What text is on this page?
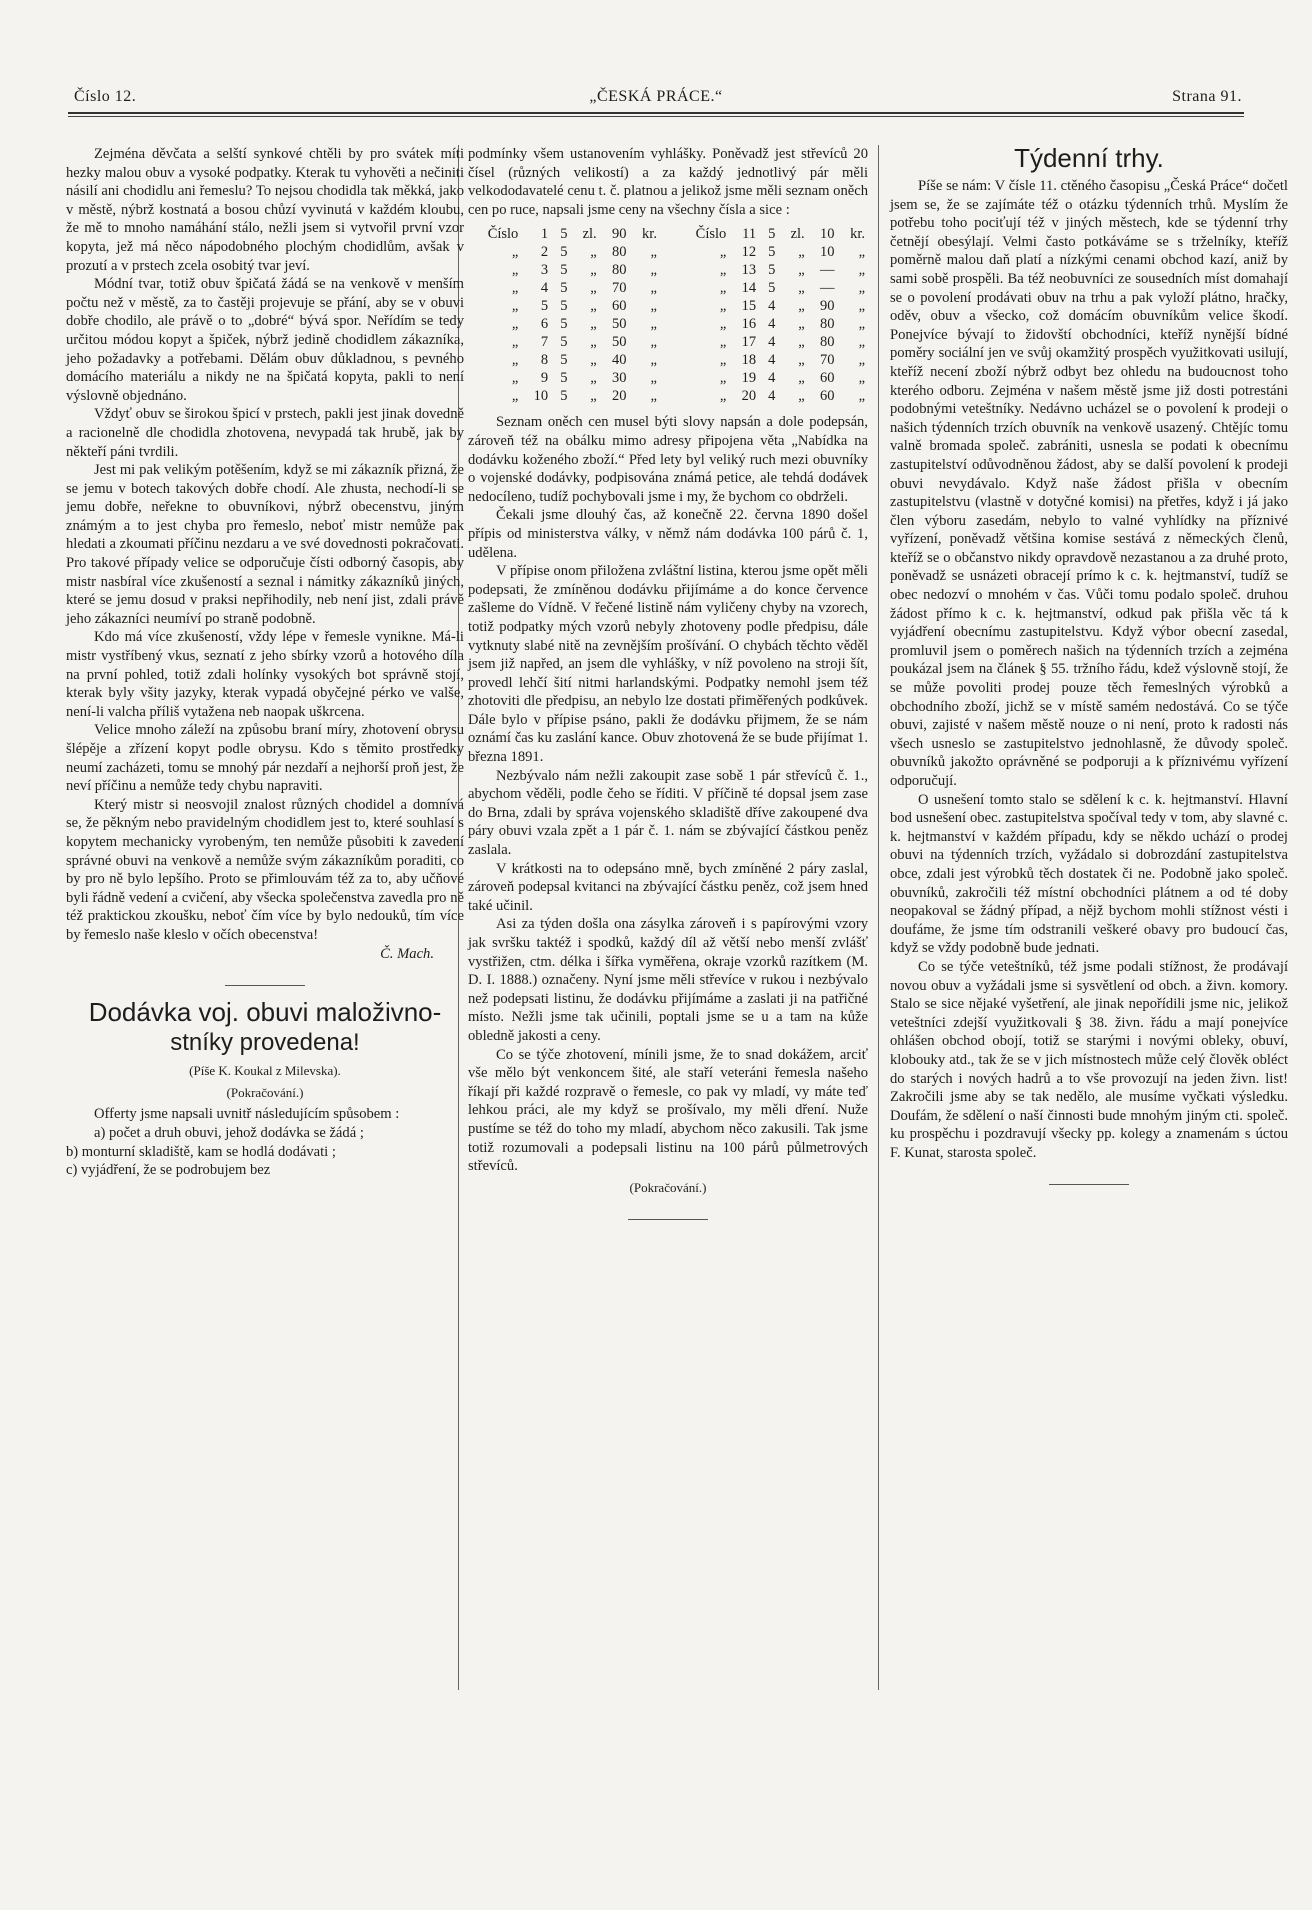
Číslo 12.	„ČESKÁ PRÁCE.“	Strana 91.

Zejména děvčata a selští synkové chtěli by pro svátek míti hezky malou obuv a vysoké podpatky. Kterak tu vyhověti a nečiniti násilí ani chodidlu ani řemeslu? To nejsou chodidla tak měkká, jako v městě, nýbrž kostnatá a bosou chůzí vyvinutá v každém kloubu, že mě to mnoho namáhání stálo, nežli jsem si vytvořil první vzor kopyta, jež má něco nápodobného plochým chodidlům, avšak v prozutí a v prstech zcela osobitý tvar jeví.

Módní tvar, totiž obuv špičatá žádá se na venkově v menším počtu než v městě, za to častěji projevuje se přání, aby se v obuvi dobře chodilo, ale právě o to „dobré“ bývá spor. Neřídím se tedy určitou módou kopyt a špiček, nýbrž jedině chodidlem zákazníka, jeho požadavky a potřebami. Dělám obuv důkladnou, s pevného domácího materiálu a nikdy ne na špičatá kopyta, pakli to není výslovně objednáno.

Vždyť obuv se širokou špicí v prstech, pakli jest jinak dovedně a racionelně dle chodidla zhotovena, nevypadá tak hrubě, jak by někteří páni tvrdili.

Jest mi pak velikým potěšením, když se mi zákazník přizná, že se jemu v botech takových dobře chodí. Ale zhusta, nechodí-li se jemu dobře, neřekne to obuvníkovi, nýbrž obecenstvu, jiným známým a to jest chyba pro řemeslo, neboť mistr nemůže pak hledati a zkoumati příčinu nezdaru a ve své dovednosti pokračovati. Pro takové případy velice se odporučuje čísti odborný časopis, aby mistr nasbíral více zkušeností a seznal i námitky zákazníků jiných, které se jemu dosud v praksi nepřihodily, neb není jist, zdali právě jeho zákazníci neumíví po straně podobně.

Kdo má více zkušeností, vždy lépe v řemesle vynikne. Má-li mistr vystříbený vkus, seznatí z jeho sbírky vzorů a hotového díla na první pohled, totiž zdali holínky vysokých bot správně stojí, kterak byly všity jazyky, kterak vypadá obyčejné pérko ve valše, není-li valcha příliš vytažena neb naopak uškrcena.

Velice mnoho záleží na způsobu braní míry, zhotovení obrysu šlépěje a zřízení kopyt podle obrysu. Kdo s těmito prostředky neumí zacházeti, tomu se mnohý pár nezdaří a nejhorší proň jest, že neví příčinu a nemůže tedy chybu napraviti.

Který mistr si neosvojil znalost různých chodidel a domnívá se, že pěkným nebo pravidelným chodidlem jest to, které souhlasí s kopytem mechanicky vyrobeným, ten nemůže působiti k zavedení správné obuvi na venkově a nemůže svým zákazníkům poraditi, co by pro ně bylo lepšího. Proto se přimlouvám též za to, aby učňové byli řádně vedení a cvičení, aby všecka společenstva zavedla pro ně též praktickou zkoušku, neboť čím více by bylo nedouků, tím více by řemeslo naše kleslo v očích obecenstva!

Č. Mach.

Dodávka voj. obuvi maloživno-

stníky provedena!

(Píše K. Koukal z Milevska).

(Pokračování.)

Offerty jsme napsali uvnitř následujícím spůsobem :

a) počet a druh obuvi, jehož dodávka se žádá ;

b) monturní skladiště, kam se hodlá dodávati ;

c) vyjádření, že se podrobujem bez

podmínky všem ustanovením vyhlášky. Poněvadž jest střevíců 20 čísel (různých velikostí) a za každý jednotlivý pár měli velkododavatelé cenu t. č. platnou a jelikož jsme měli seznam oněch cen po ruce, napsali jsme ceny na všechny čísla a sice :

Číslo	1	5	zl.	90	kr.	Číslo	11	5	zl.	10	kr.
„	2	5	„	80	„	„	12	5	„	10	„
„	3	5	„	80	„	„	13	5	„	—	„
„	4	5	„	70	„	„	14	5	„	—	„
„	5	5	„	60	„	„	15	4	„	90	„
„	6	5	„	50	„	„	16	4	„	80	„
„	7	5	„	50	„	„	17	4	„	80	„
„	8	5	„	40	„	„	18	4	„	70	„
„	9	5	„	30	„	„	19	4	„	60	„
„	10	5	„	20	„	„	20	4	„	60	„

Seznam oněch cen musel býti slovy napsán a dole podepsán, zároveň též na obálku mimo adresy připojena věta „Nabídka na dodávku koženého zboží.“ Před lety byl veliký ruch mezi obuvníky o vojenské dodávky, podpisována známá petice, ale tehdá dodávek nedocíleno, tudíž pochybovali jsme i my, že bychom co obdrželi.

Čekali jsme dlouhý čas, až konečně 22. června 1890 došel přípis od ministerstva války, v němž nám dodávka 100 párů č. 1, udělena.

V přípise onom přiložena zvláštní listina, kterou jsme opět měli podepsati, že zmíněnou dodávku přijímáme a do konce července zašleme do Vídně. V řečené listině nám vyličeny chyby na vzorech, totiž podpatky mých vzorů nebyly zhotoveny podle předpisu, dále vytknuty slabé nitě na zevnějším prošívání. O chybách těchto věděl jsem již napřed, an jsem dle vyhlášky, v níž povoleno na stroji šít, provedl lehčí šití nitmi harlandskými. Podpatky nemohl jsem též zhotoviti dle předpisu, an nebylo lze dostati přiměřených podkůvek. Dále bylo v přípise psáno, pakli že dodávku přijmem, že se nám oznámí čas ku zaslání kance. Obuv zhotovená že se bude přijímat 1. března 1891.

Nezbývalo nám nežli zakoupit zase sobě 1 pár střevíců č. 1., abychom věděli, podle čeho se říditi. V příčině té dopsal jsem zase do Brna, zdali by správa vojenského skladiště dříve zakoupené dva páry obuvi vzala zpět a 1 pár č. 1. nám se zbývající částkou peněz zaslala.

V krátkosti na to odepsáno mně, bych zmíněné 2 páry zaslal, zároveň podepsal kvitanci na zbývající částku peněz, což jsem hned také učinil.

Asi za týden došla ona zásylka zároveň i s papírovými vzory jak svršku taktéž i spodků, každý díl až větší nebo menší zvlášť vystřižen, ctm. délka i šířka vyměřena, okraje vzorků razítkem (M. D. I. 1888.) označeny. Nyní jsme měli střevíce v rukou i nezbývalo než podepsati listinu, že dodávku přijímáme a zaslati ji na patřičné místo. Nežli jsme tak učinili, poptali jsme se u a tam na kůže obledně jakosti a ceny.

Co se týče zhotovení, mínili jsme, že to snad dokážem, arciť vše mělo být venkoncem šité, ale staří veteráni řemesla našeho říkají při každé rozpravě o řemesle, co pak vy mladí, vy máte teď lehkou práci, ale my když se prošívalo, my měli dření. Nuže pustíme se též do toho my mladí, abychom něco zakusili. Tak jsme totiž rozumovali a podepsali listinu na 100 párů půlmetrových střevíců.

(Pokračování.)

Týdenní trhy.

Píše se nám: V čísle 11. ctěného časopisu „Česká Práce“ dočetl jsem se, že se zajímáte též o otázku týdenních trhů. Myslím že potřebu toho pociťují též v jiných městech, kde se týdenní trhy četnějí obesýlají. Velmi často potkáváme se s trželníky, kteříž poměrně malou daň platí a nízkými cenami obchod kazí, aniž by sami sobě prospěli. Ba též neobuvníci ze sousedních míst domahají se o povolení prodávati obuv na trhu a pak vyloží plátno, hračky, oděv, obuv a všecko, což domácím obuvníkům velice škodí. Ponejvíce bývají to židovští obchodníci, kteříž nynější bídné poměry sociální jen ve svůj okamžitý prospěch využitkovati usilují, kteříž necení zboží nýbrž odbyt bez ohledu na budoucnost toho kterého odboru. Zejména v našem městě jsme již dosti potrestáni podobnými veteštníky. Nedávno ucházel se o povolení k prodeji o našich týdenních trzích obuvník na venkově usazený. Chtějíc tomu valně bromada společ. zabrániti, usnesla se podati k obecnímu zastupitelství odůvodněnou žádost, aby se další povolení k prodeji obuvi nevydávalo. Když naše žádost přišla v obecním zastupitelstvu (vlastně v dotyčné komisi) na přetřes, když i já jako člen výboru zasedám, nebylo to valné vyhlídky na příznivé vyřízení, poněvadž většina komise sestává z německých členů, kteříž se o občanstvo nikdy opravdově nezastanou a za druhé proto, poněvadž se usnázeti obracejí prímo k c. k. hejtmanství, tudíž se obec nedozví o mnohém v čas. Vůči tomu podalo společ. druhou žádost přímo k c. k. hejtmanství, odkud pak přišla věc tá k vyjádření obecnímu zastupitelstvu. Když výbor obecní zasedal, promluvil jsem o poměrech našich na týdenních trzích a zejména poukázal jsem na článek § 55. tržního řádu, kdež výslovně stojí, že se může povoliti prodej pouze těch řemeslných výrobků a obchodního zboží, jichž se v místě samém nedostává. Co se týče obuvi, zajisté v našem městě nouze o ni není, proto k radosti nás všech usneslo se zastupitelstvo jednohlasně, že důvody společ. obuvníků jakožto oprávněné se podporuji a k příznivému vyřízení odporučují.

O usnešení tomto stalo se sdělení k c. k. hejtmanství. Hlavní bod usnešení obec. zastupitelstva spočíval tedy v tom, aby slavné c. k. hejtmanství v každém případu, kdy se někdo uchází o prodej obuvi na týdenních trzích, vyžádalo si dobrozdání zastupitelstva obce, zdali jest výrobků těch dostatek či ne. Podobně jako společ. obuvníků, zakročili též místní obchodníci plátnem a od té doby neopakoval se žádný případ, a nějž bychom mohli stížnost vésti i doufáme, že jsme tím odstranili veškeré obavy pro budoucí čas, když se vždy podobně bude jednati.

Co se týče veteštníků, též jsme podali stížnost, že prodávají novou obuv a vyžádali jsme si sysvětlení od obch. a živn. komory. Stalo se sice nějaké vyšetření, ale jinak nepořídili jsme nic, jelikož veteštníci zdejší využitkovali § 38. živn. řádu a mají ponejvíce ohlášen obchod obojí, totiž se starými i novými obleky, obuví, kloboukу atd., tak že se v jich místnostech může celý člověk obléct do starých i nových hadrů a to vše provozují na jeden živn. list! Zakročili jsme aby se tak nedělo, ale musíme vyčkati výsledku. Doufám, že sdělení o naší činnosti bude mnohým jiným cti. společ. ku prospěchu i pozdravují všecky pp. kolegy a znamenám s úctou F. Kunat, starosta společ.
